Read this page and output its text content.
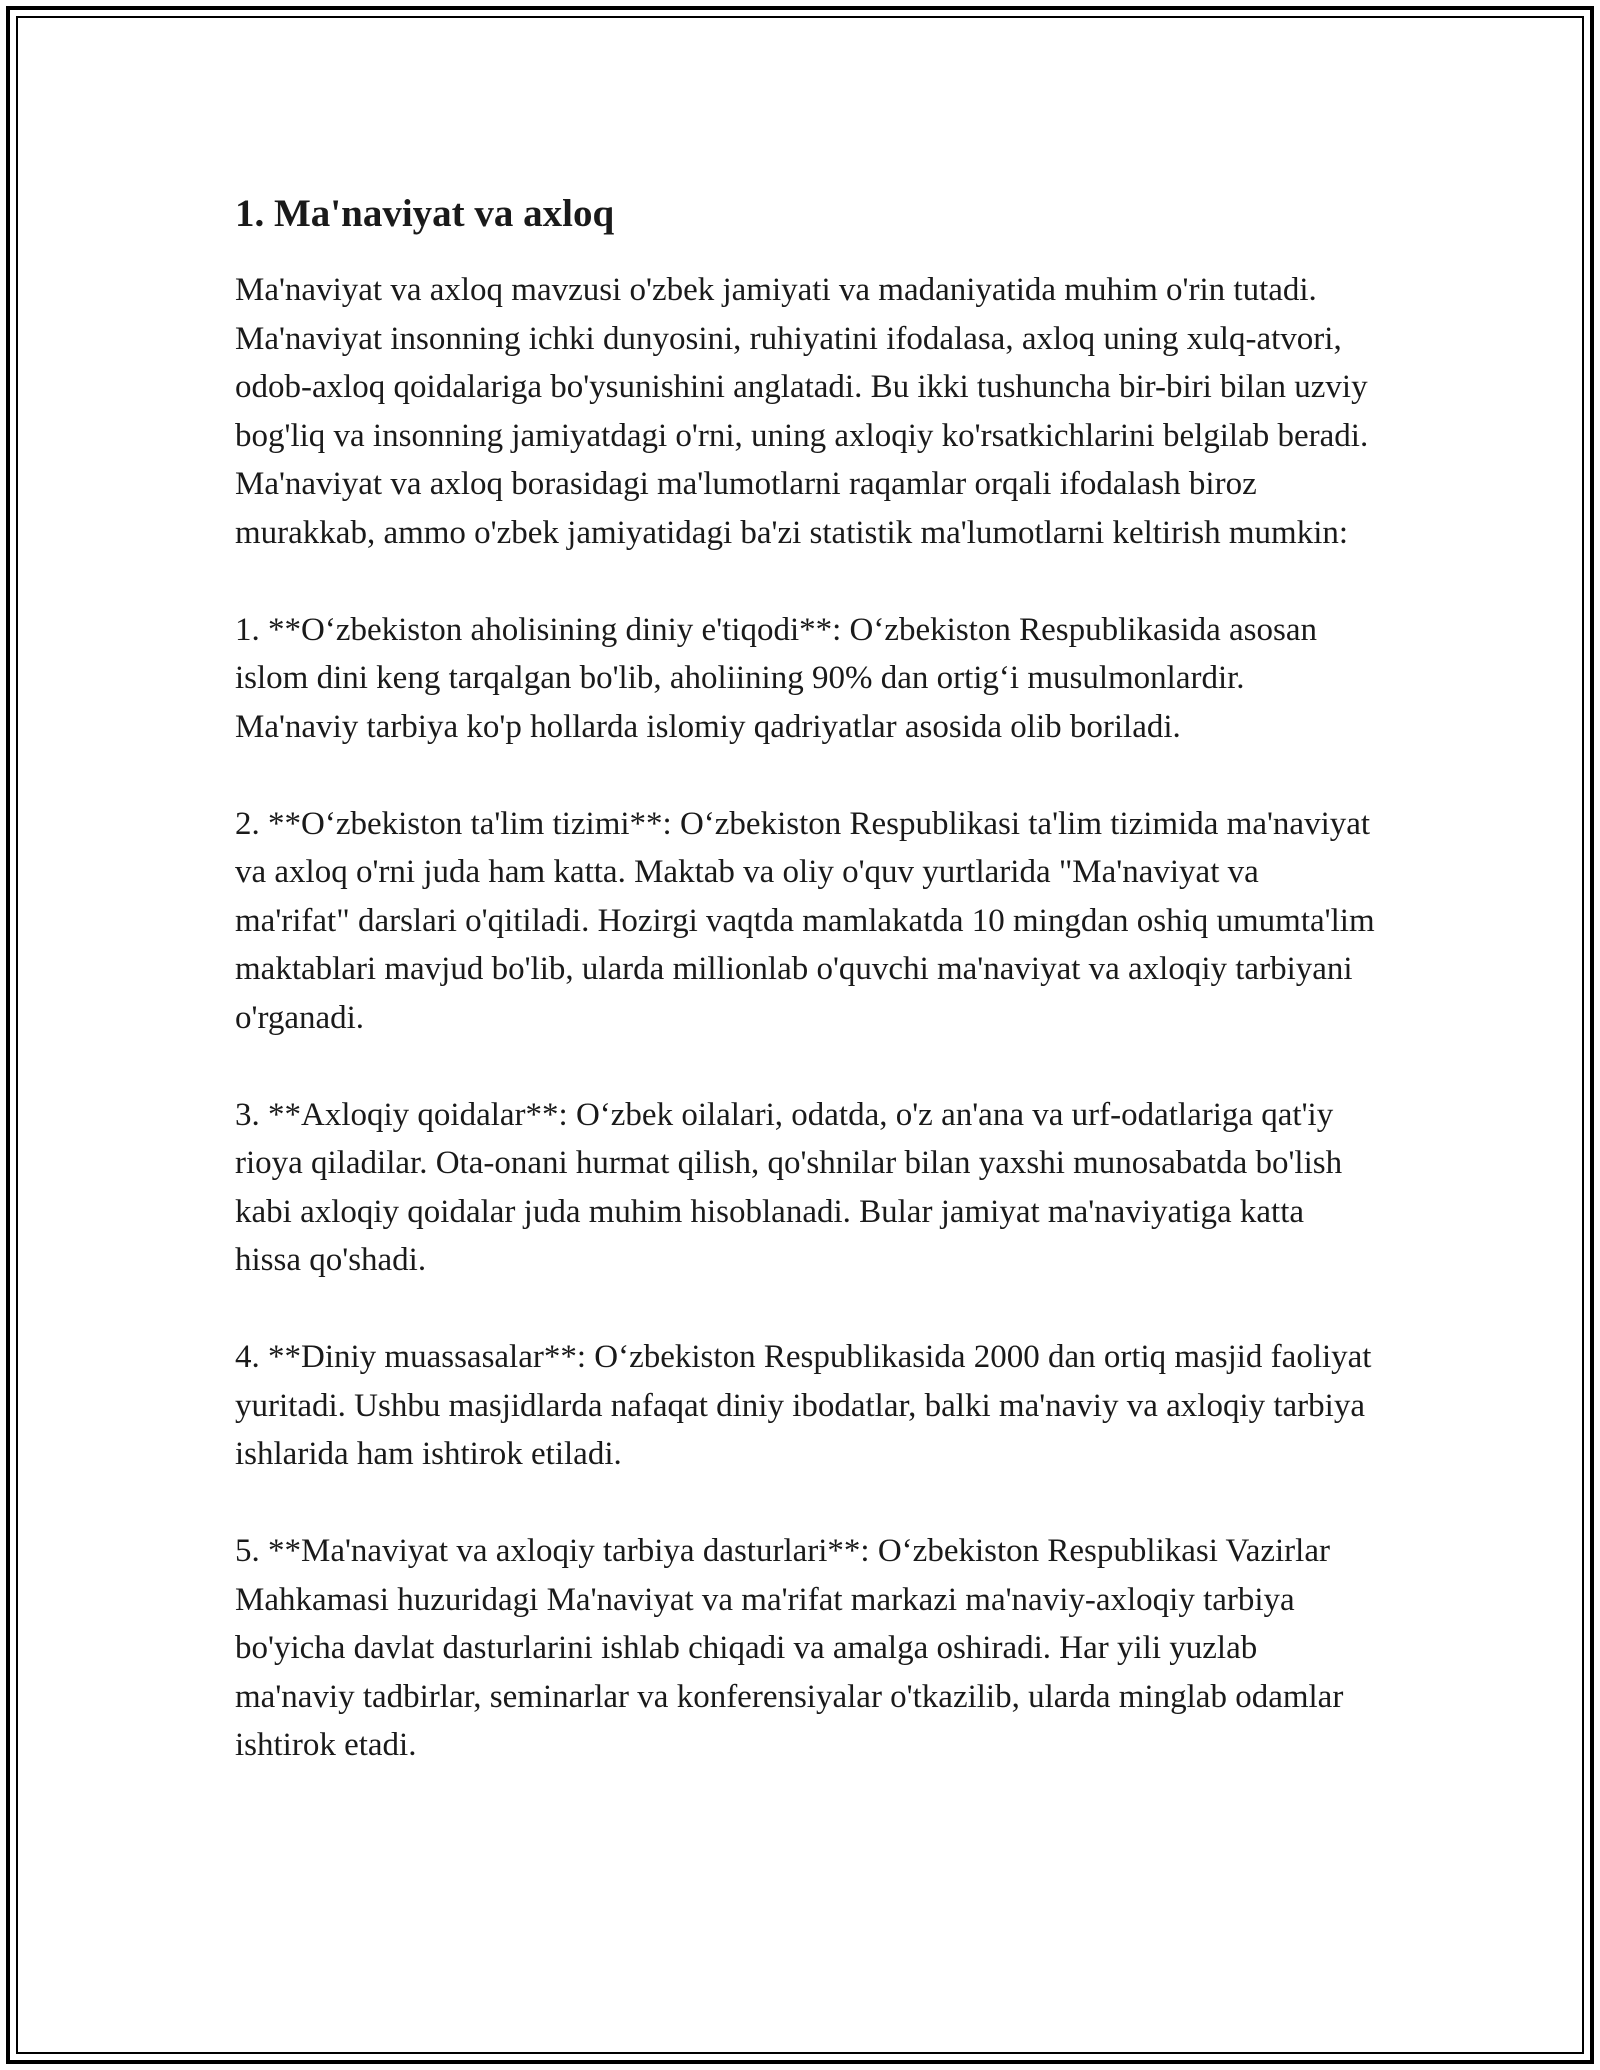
1. Ma'naviyat va axloq

Ma'naviyat va axloq mavzusi o'zbek jamiyati va madaniyatida muhim o'rin tutadi. Ma'naviyat insonning ichki dunyosini, ruhiyatini ifodalasa, axloq uning xulq-atvori, odob-axloq qoidalariga bo'ysunishini anglatadi. Bu ikki tushuncha bir-biri bilan uzviy bog'liq va insonning jamiyatdagi o'rni, uning axloqiy ko'rsatkichlarini belgilab beradi. Ma'naviyat va axloq borasidagi ma'lumotlarni raqamlar orqali ifodalash biroz murakkab, ammo o'zbek jamiyatidagi ba'zi statistik ma'lumotlarni keltirish mumkin:

1. **O‘zbekiston aholisining diniy e'tiqodi**: O‘zbekiston Respublikasida asosan islom dini keng tarqalgan bo'lib, aholiining 90% dan ortig‘i musulmonlardir. Ma'naviy tarbiya ko'p hollarda islomiy qadriyatlar asosida olib boriladi.

2. **O‘zbekiston ta'lim tizimi**: O‘zbekiston Respublikasi ta'lim tizimida ma'naviyat va axloq o'rni juda ham katta. Maktab va oliy o'quv yurtlarida "Ma'naviyat va ma'rifat" darslari o'qitiladi. Hozirgi vaqtda mamlakatda 10 mingdan oshiq umumta'lim maktablari mavjud bo'lib, ularda millionlab o'quvchi ma'naviyat va axloqiy tarbiyani o'rganadi.

3. **Axloqiy qoidalar**: O‘zbek oilalari, odatda, o'z an'ana va urf-odatlariga qat'iy rioya qiladilar. Ota-onani hurmat qilish, qo'shnilar bilan yaxshi munosabatda bo'lish kabi axloqiy qoidalar juda muhim hisoblanadi. Bular jamiyat ma'naviyatiga katta hissa qo'shadi.

4. **Diniy muassasalar**: O‘zbekiston Respublikasida 2000 dan ortiq masjid faoliyat yuritadi. Ushbu masjidlarda nafaqat diniy ibodatlar, balki ma'naviy va axloqiy tarbiya ishlarida ham ishtirok etiladi.

5. **Ma'naviyat va axloqiy tarbiya dasturlari**: O‘zbekiston Respublikasi Vazirlar Mahkamasi huzuridagi Ma'naviyat va ma'rifat markazi ma'naviy-axloqiy tarbiya bo'yicha davlat dasturlarini ishlab chiqadi va amalga oshiradi. Har yili yuzlab ma'naviy tadbirlar, seminarlar va konferensiyalar o'tkazilib, ularda minglab odamlar ishtirok etadi.
